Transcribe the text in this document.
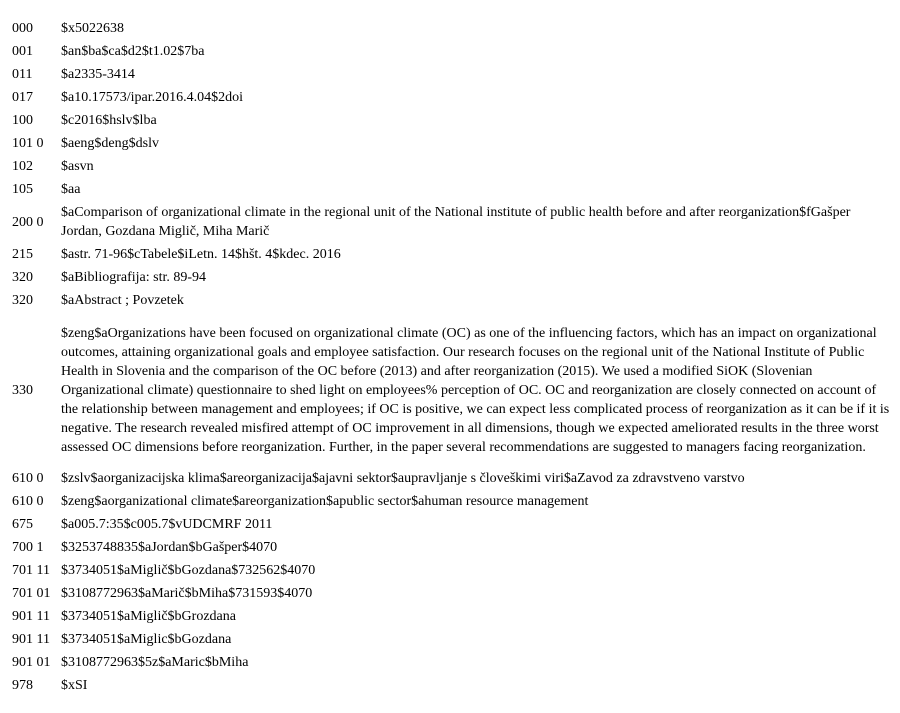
000 $x5022638
001 $an$ba$ca$d2$t1.02$7ba
011 $a2335-3414
017 $a10.17573/ipar.2016.4.04$2doi
100 $c2016$hslv$lba
101 0 $aeng$deng$dslv
102 $asvn
105 $aa
200 0
$aComparison of organizational climate in the regional unit of the National institute of public health before and after reorganization$fGašper Jordan, Gozdana Miglič, Miha Marič
215 $astr. 71-96$cTabele$iLetn. 14$hšt. 4$kdec. 2016
320 $aBibliografija: str. 89-94
320 $aAbstract ; Povzetek
330
$zeng$aOrganizations have been focused on organizational climate (OC) as one of the influencing factors, which has an impact on organizational outcomes, attaining organizational goals and employee satisfaction. Our research focuses on the regional unit of the National Institute of Public Health in Slovenia and the comparison of the OC before (2013) and after reorganization (2015). We used a modified SiOK (Slovenian Organizational climate) questionnaire to shed light on employees% perception of OC. OC and reorganization are closely connected on account of the relationship between management and employees; if OC is positive, we can expect less complicated process of reorganization as it can be if it is negative. The research revealed misfired attempt of OC improvement in all dimensions, though we expected ameliorated results in the three worst assessed OC dimensions before reorganization. Further, in the paper several recommendations are suggested to managers facing reorganization.
610 0 $zslv$aorganizacijska klima$areorganizacija$ajavni sektor$aupravljanje s človeškimi viri$aZavod za zdravstveno varstvo
610 0 $zeng$aorganizational climate$areorganization$apublic sector$ahuman resource management
675 $a005.7:35$c005.7$vUDCMRF 2011
700 1 $3253748835$aJordan$bGašper$4070
701 11 $3734051$aMiglič$bGozdana$732562$4070
701 01 $3108772963$aMarič$bMiha$731593$4070
901 11 $3734051$aMiglič$bGrozdana
901 11 $3734051$aMiglic$bGozdana
901 01 $3108772963$5z$aMaric$bMiha
978 $xSI
